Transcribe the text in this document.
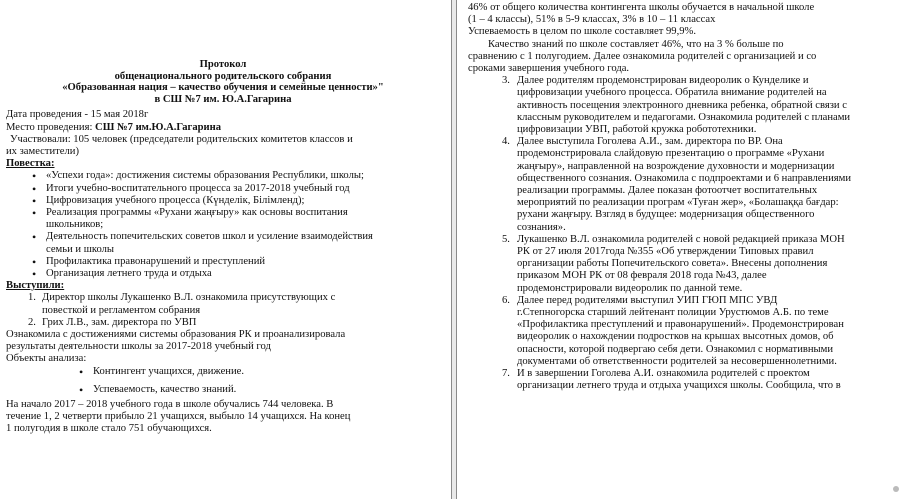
Протокол
общенационального родительского собрания
«Образованная нация – качество обучения и семейные ценности»"
в СШ №7 им. Ю.А.Гагарина

Дата проведения - 15 мая 2018г

Место проведения: СШ №7 им.Ю.А.Гагарина

Участвовали: 105 человек (председатели родительских комитетов классов и

их заместители)

Повестка:

• «Успехи года»: достижения системы образования Республики, школы;
• Итоги учебно-воспитательного процесса за 2017-2018 учебный год
• Цифровизация учебного процесса (Күнделік, Білімленд);
• Реализация программы «Рухани жаңғыру» как основы воспитания
школьников;
• Деятельность попечительских советов школ и усиление взаимодействия
семьи и школы
• Профилактика правонарушений и преступлений
• Организация летнего труда и отдыха

Выступили:

1. Директор школы Лукашенко В.Л. ознакомила присутствующих с
повесткой и регламентом собрания
2. Грих Л.В., зам. директора по УВП

Ознакомила с достижениями системы образования РК и проанализировала

результаты деятельности школы за 2017-2018 учебный год

Объекты анализа:

• Контингент учащихся, движение.
• Успеваемость, качество знаний.

На начало 2017 – 2018 учебного года в школе обучались 744 человека. В
течение 1, 2 четверти прибыло 21 учащихся, выбыло 14 учащихся. На конец
1 полугодия в школе стало 751 обучающихся.

46% от общего количества контингента школы обучается в начальной школе

(1 – 4 классы), 51% в 5-9 классах, 3% в 10 – 11 классах

Успеваемость в целом по школе составляет 99,9%.

Качество знаний по школе составляет 46%, что на 3 % больше по

сравнению с 1 полугодием. Далее ознакомила родителей с организацией и со

сроками завершения учебного года.

3. Далее родителям продемонстрирован видеоролик о Кунделике и
цифровизации учебного процесса. Обратила внимание родителей на
активность посещения электронного дневника ребенка, обратной связи с
классным руководителем и педагогами. Ознакомила родителей с планами
цифровизации УВП, работой кружка робототехники.
4. Далее выступила Гоголева А.И., зам. директора по ВР. Она
продемонстрировала слайдовую презентацию о программе «Рухани
жаңғыру», направленной на возрождение духовности и модернизации
общественного сознания. Ознакомила с подпроектами и 6 направлениями
реализации программы. Далее показан фотоотчет воспитательных
мероприятий по реализации програм «Туған жер», «Болашаққа бағдар:
рухани жаңғыру. Взгляд в будущее: модернизация общественного
сознания».
5. Лукашенко В.Л. ознакомила родителей с новой редакцией приказа МОН
РК от 27 июля 2017года №355 «Об утверждении Типовых правил
организации работы Попечительского совета». Внесены дополнения
приказом МОН РК от 08 февраля 2018 года №43, далее
продемонстрировали видеоролик по данной теме.
6. Далее перед родителями выступил УИП ГЮП МПС УВД
г.Степногорска старший лейтенант полиции Урустюмов А.Б. по теме
«Профилактика преступлений и правонарушений». Продемонстрирован
видеоролик о нахождении подростков на крышах высотных домов, об
опасности, которой подвергаю себя дети. Ознакомил с нормативными
документами об ответственности родителей за несовершеннолетними.
7. И в завершении Гоголева А.И. ознакомила родителей с проектом
организации летнего труда и отдыха учащихся школы. Сообщила, что в
